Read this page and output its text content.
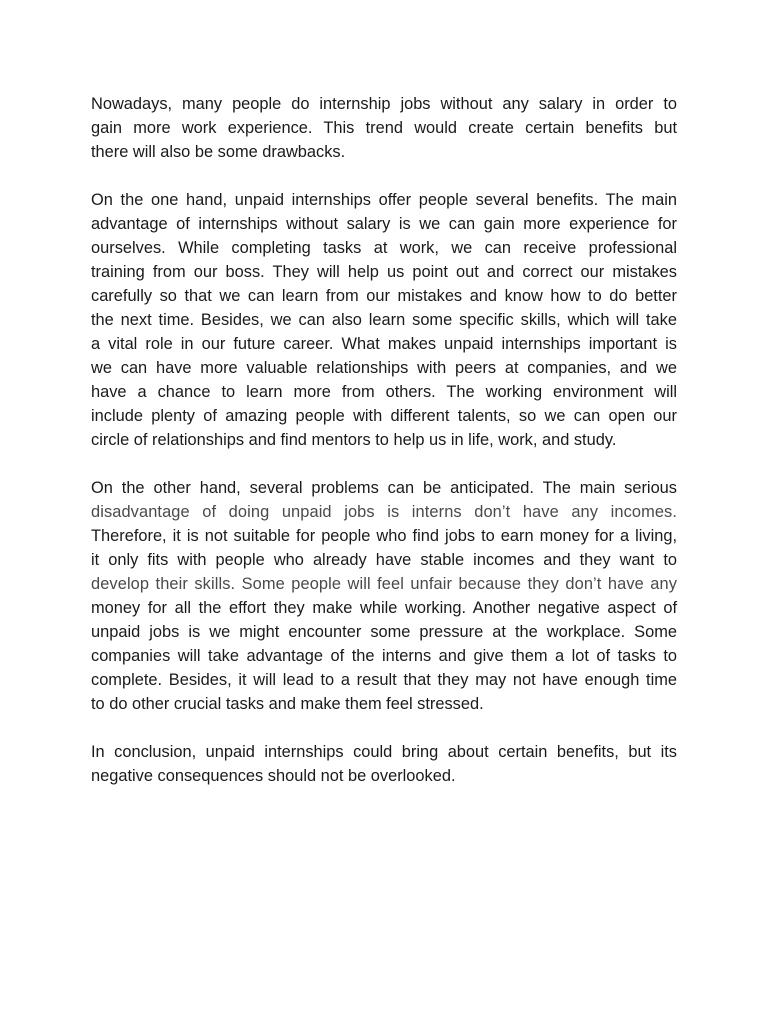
Nowadays, many people do internship jobs without any salary in order to
gain more work experience. This trend would create certain benefits but
there will also be some drawbacks.

On the one hand, unpaid internships offer people several benefits. The main
advantage of internships without salary is we can gain more experience for
ourselves. While completing tasks at work, we can receive professional
training from our boss. They will help us point out and correct our mistakes
carefully so that we can learn from our mistakes and know how to do better
the next time. Besides, we can also learn some specific skills, which will take
a vital role in our future career. What makes unpaid internships important is
we can have more valuable relationships with peers at companies, and we
have a chance to learn more from others. The working environment will
include plenty of amazing people with different talents, so we can open our
circle of relationships and find mentors to help us in life, work, and study.

On the other hand, several problems can be anticipated. The main serious
disadvantage of doing unpaid jobs is interns don’t have any incomes.
Therefore, it is not suitable for people who find jobs to earn money for a living,
it only fits with people who already have stable incomes and they want to
develop their skills. Some people will feel unfair because they don’t have any
money for all the effort they make while working. Another negative aspect of
unpaid jobs is we might encounter some pressure at the workplace. Some
companies will take advantage of the interns and give them a lot of tasks to
complete. Besides, it will lead to a result that they may not have enough time
to do other crucial tasks and make them feel stressed.

In conclusion, unpaid internships could bring about certain benefits, but its
negative consequences should not be overlooked.
